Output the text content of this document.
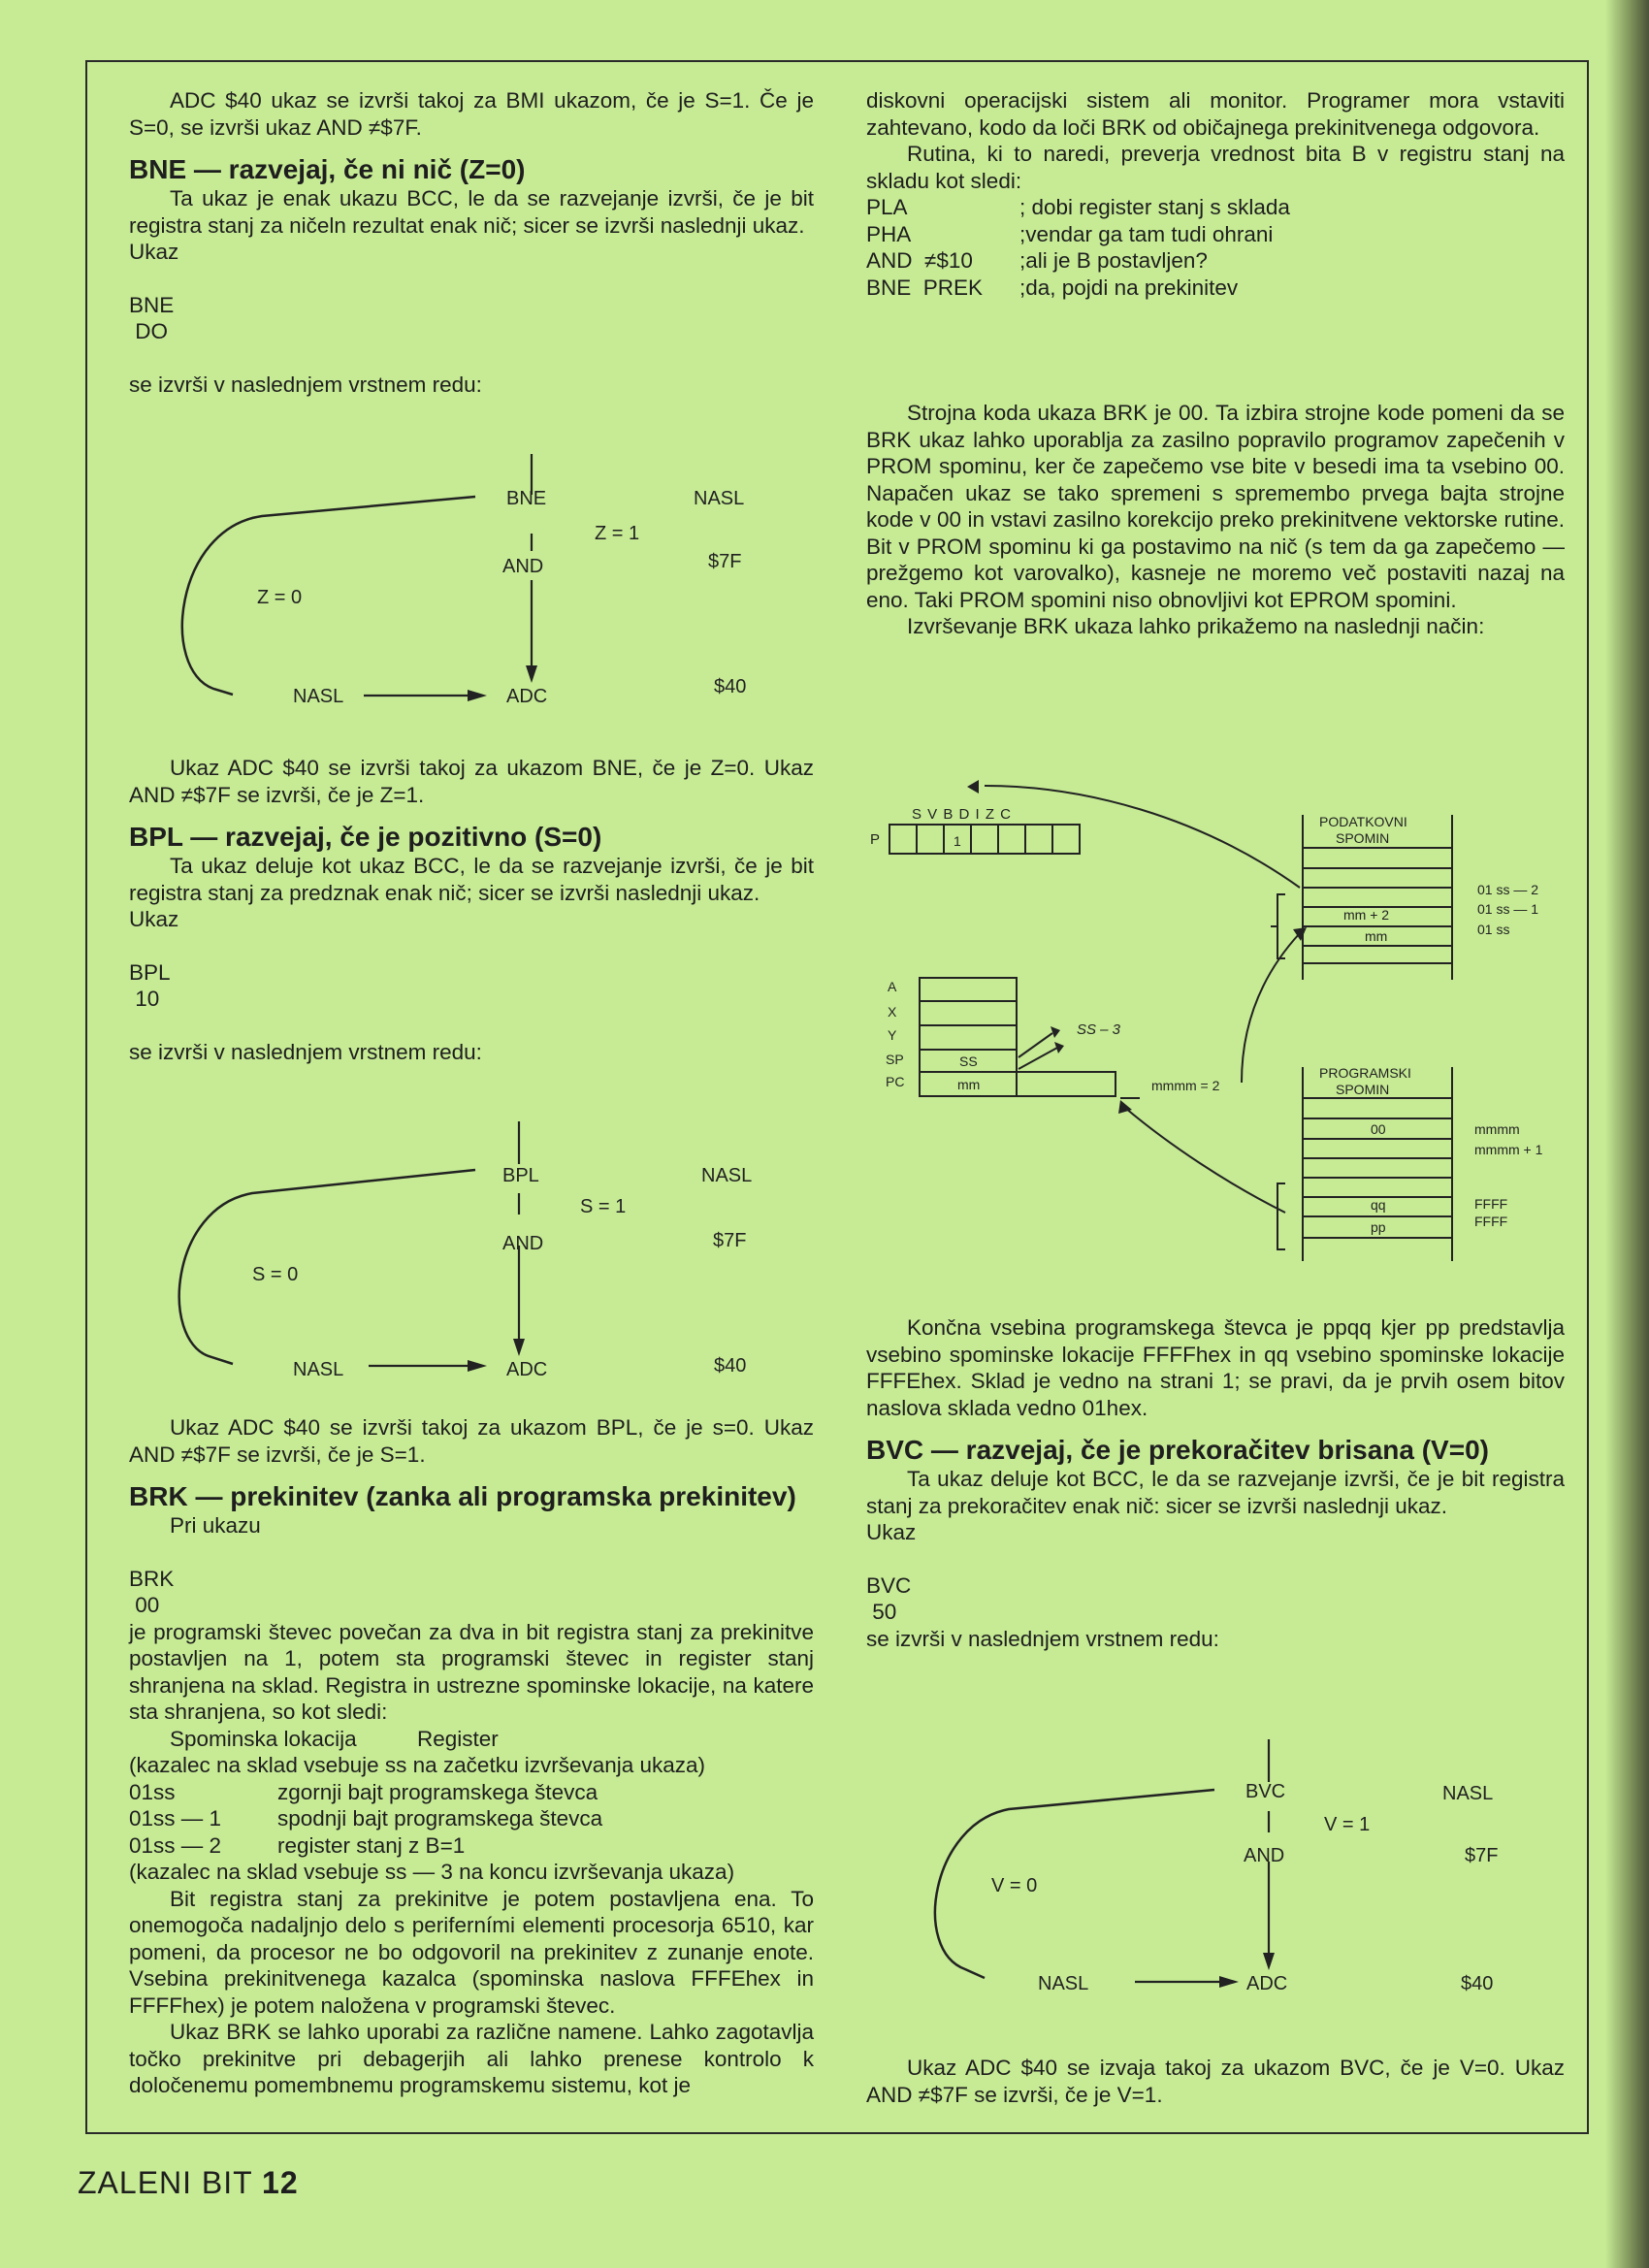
ADC $40 ukaz se izvrši takoj za BMI ukazom, če je S=1. Če je S=0, se izvrši ukaz AND ≠$7F.

BNE — razvejaj, če ni nič (Z=0)

Ta ukaz je enak ukazu BCC, le da se razvejanje izvrši, če je bit registra stanj za ničeln rezultat enak nič; sicer se izvrši naslednji ukaz.

Ukaz

BNE

DO

se izvrši v naslednjem vrstnem redu:

BNE
AND
ADC
Z = 0
Z = 1
NASL
$7F
$40
NASL

Ukaz ADC $40 se izvrši takoj za ukazom BNE, če je Z=0. Ukaz AND ≠$7F se izvrši, če je Z=1.

BPL — razvejaj, če je pozitivno (S=0)

Ta ukaz deluje kot ukaz BCC, le da se razvejanje izvrši, če je bit registra stanj za predznak enak nič; sicer se izvrši naslednji ukaz.

Ukaz

BPL

10

se izvrši v naslednjem vrstnem redu:

BPL
AND
ADC
S = 0
S = 1
NASL
$7F
$40
NASL

Ukaz ADC $40 se izvrši takoj za ukazom BPL, če je s=0. Ukaz AND ≠$7F se izvrši, če je S=1.

BRK — prekinitev (zanka ali programska prekinitev)

Pri ukazu

BRK

00

je programski števec povečan za dva in bit registra stanj za prekinitve postavljen na 1, potem sta programski števec in register stanj shranjena na sklad. Registra in ustrezne spominske lokacije, na katere sta shranjena, so kot sledi:

Spominska lokacija	Register

(kazalec na sklad vsebuje ss na začetku izvrševanja ukaza)

01ss	zgornji bajt programskega števca
01ss — 1	spodnji bajt programskega števca
01ss — 2	register stanj z B=1

(kazalec na sklad vsebuje ss — 3 na koncu izvrševanja ukaza)

Bit registra stanj za prekinitve je potem postavljena ena. To onemogoča nadaljnjo delo s periferními elementi procesorja 6510, kar pomeni, da procesor ne bo odgovoril na prekinitev z zunanje enote. Vsebina prekinitvenega kazalca (spominska naslova FFFEhex in FFFFhex) je potem naložena v programski števec.

Ukaz BRK se lahko uporabi za različne namene. Lahko zagotavlja točko prekinitve pri debagerjih ali lahko prenese kontrolo k določenemu pomembnemu programskemu sistemu, kot je

diskovni operacijski sistem ali monitor. Programer mora vstaviti zahtevano, kodo da loči BRK od običajnega prekinitvenega odgovora.

Rutina, ki to naredi, preverja vrednost bita B v registru stanj na skladu kot sledi:

PLA	; dobi register stanj s sklada
PHA	;vendar ga tam tudi ohrani
AND  ≠$10	;ali je B postavljen?
BNE  PREK	;da, pojdi na prekinitev

Strojna koda ukaza BRK je 00. Ta izbira strojne kode pomeni da se BRK ukaz lahko uporablja za zasilno popravilo programov zapečenih v PROM spominu, ker če zapečemo vse bite v besedi ima ta vsebino 00. Napačen ukaz se tako spremeni s spremembo prvega bajta strojne kode v 00 in vstavi zasilno korekcijo preko prekinitvene vektorske rutine. Bit v PROM spominu ki ga postavimo na nič (s tem da ga zapečemo — prežgemo kot varovalko), kasneje ne moremo več postaviti nazaj na eno. Taki PROM spomini niso obnovljivi kot EPROM spomini.

Izvrševanje BRK ukaza lahko prikažemo na naslednji način:

S V B D I Z C
P	1
PODATKOVNI
SPOMIN
mm + 2
mm
01 ss — 2
01 ss — 1
01 ss
A
X
Y
SP
PC
SS
mm
SS – 3
mmmm = 2
PROGRAMSKI
SPOMIN
00
qq
pp
mmmm
mmmm + 1
FFFF
FFFF

Končna vsebina programskega števca je ppqq kjer pp predstavlja vsebino spominske lokacije FFFFhex in qq vsebino spominske lokacije FFFEhex. Sklad je vedno na strani 1; se pravi, da je prvih osem bitov naslova sklada vedno 01hex.

BVC — razvejaj, če je prekoračitev brisana (V=0)

Ta ukaz deluje kot BCC, le da se razvejanje izvrši, če je bit registra stanj za prekoračitev enak nič: sicer se izvrši naslednji ukaz.

Ukaz

BVC

50

se izvrši v naslednjem vrstnem redu:

BVC
AND
ADC
V = 0
V = 1
NASL
$7F
$40
NASL

Ukaz ADC $40 se izvaja takoj za ukazom BVC, če je V=0. Ukaz AND ≠$7F se izvrši, če je V=1.

ZALENI BIT 12
